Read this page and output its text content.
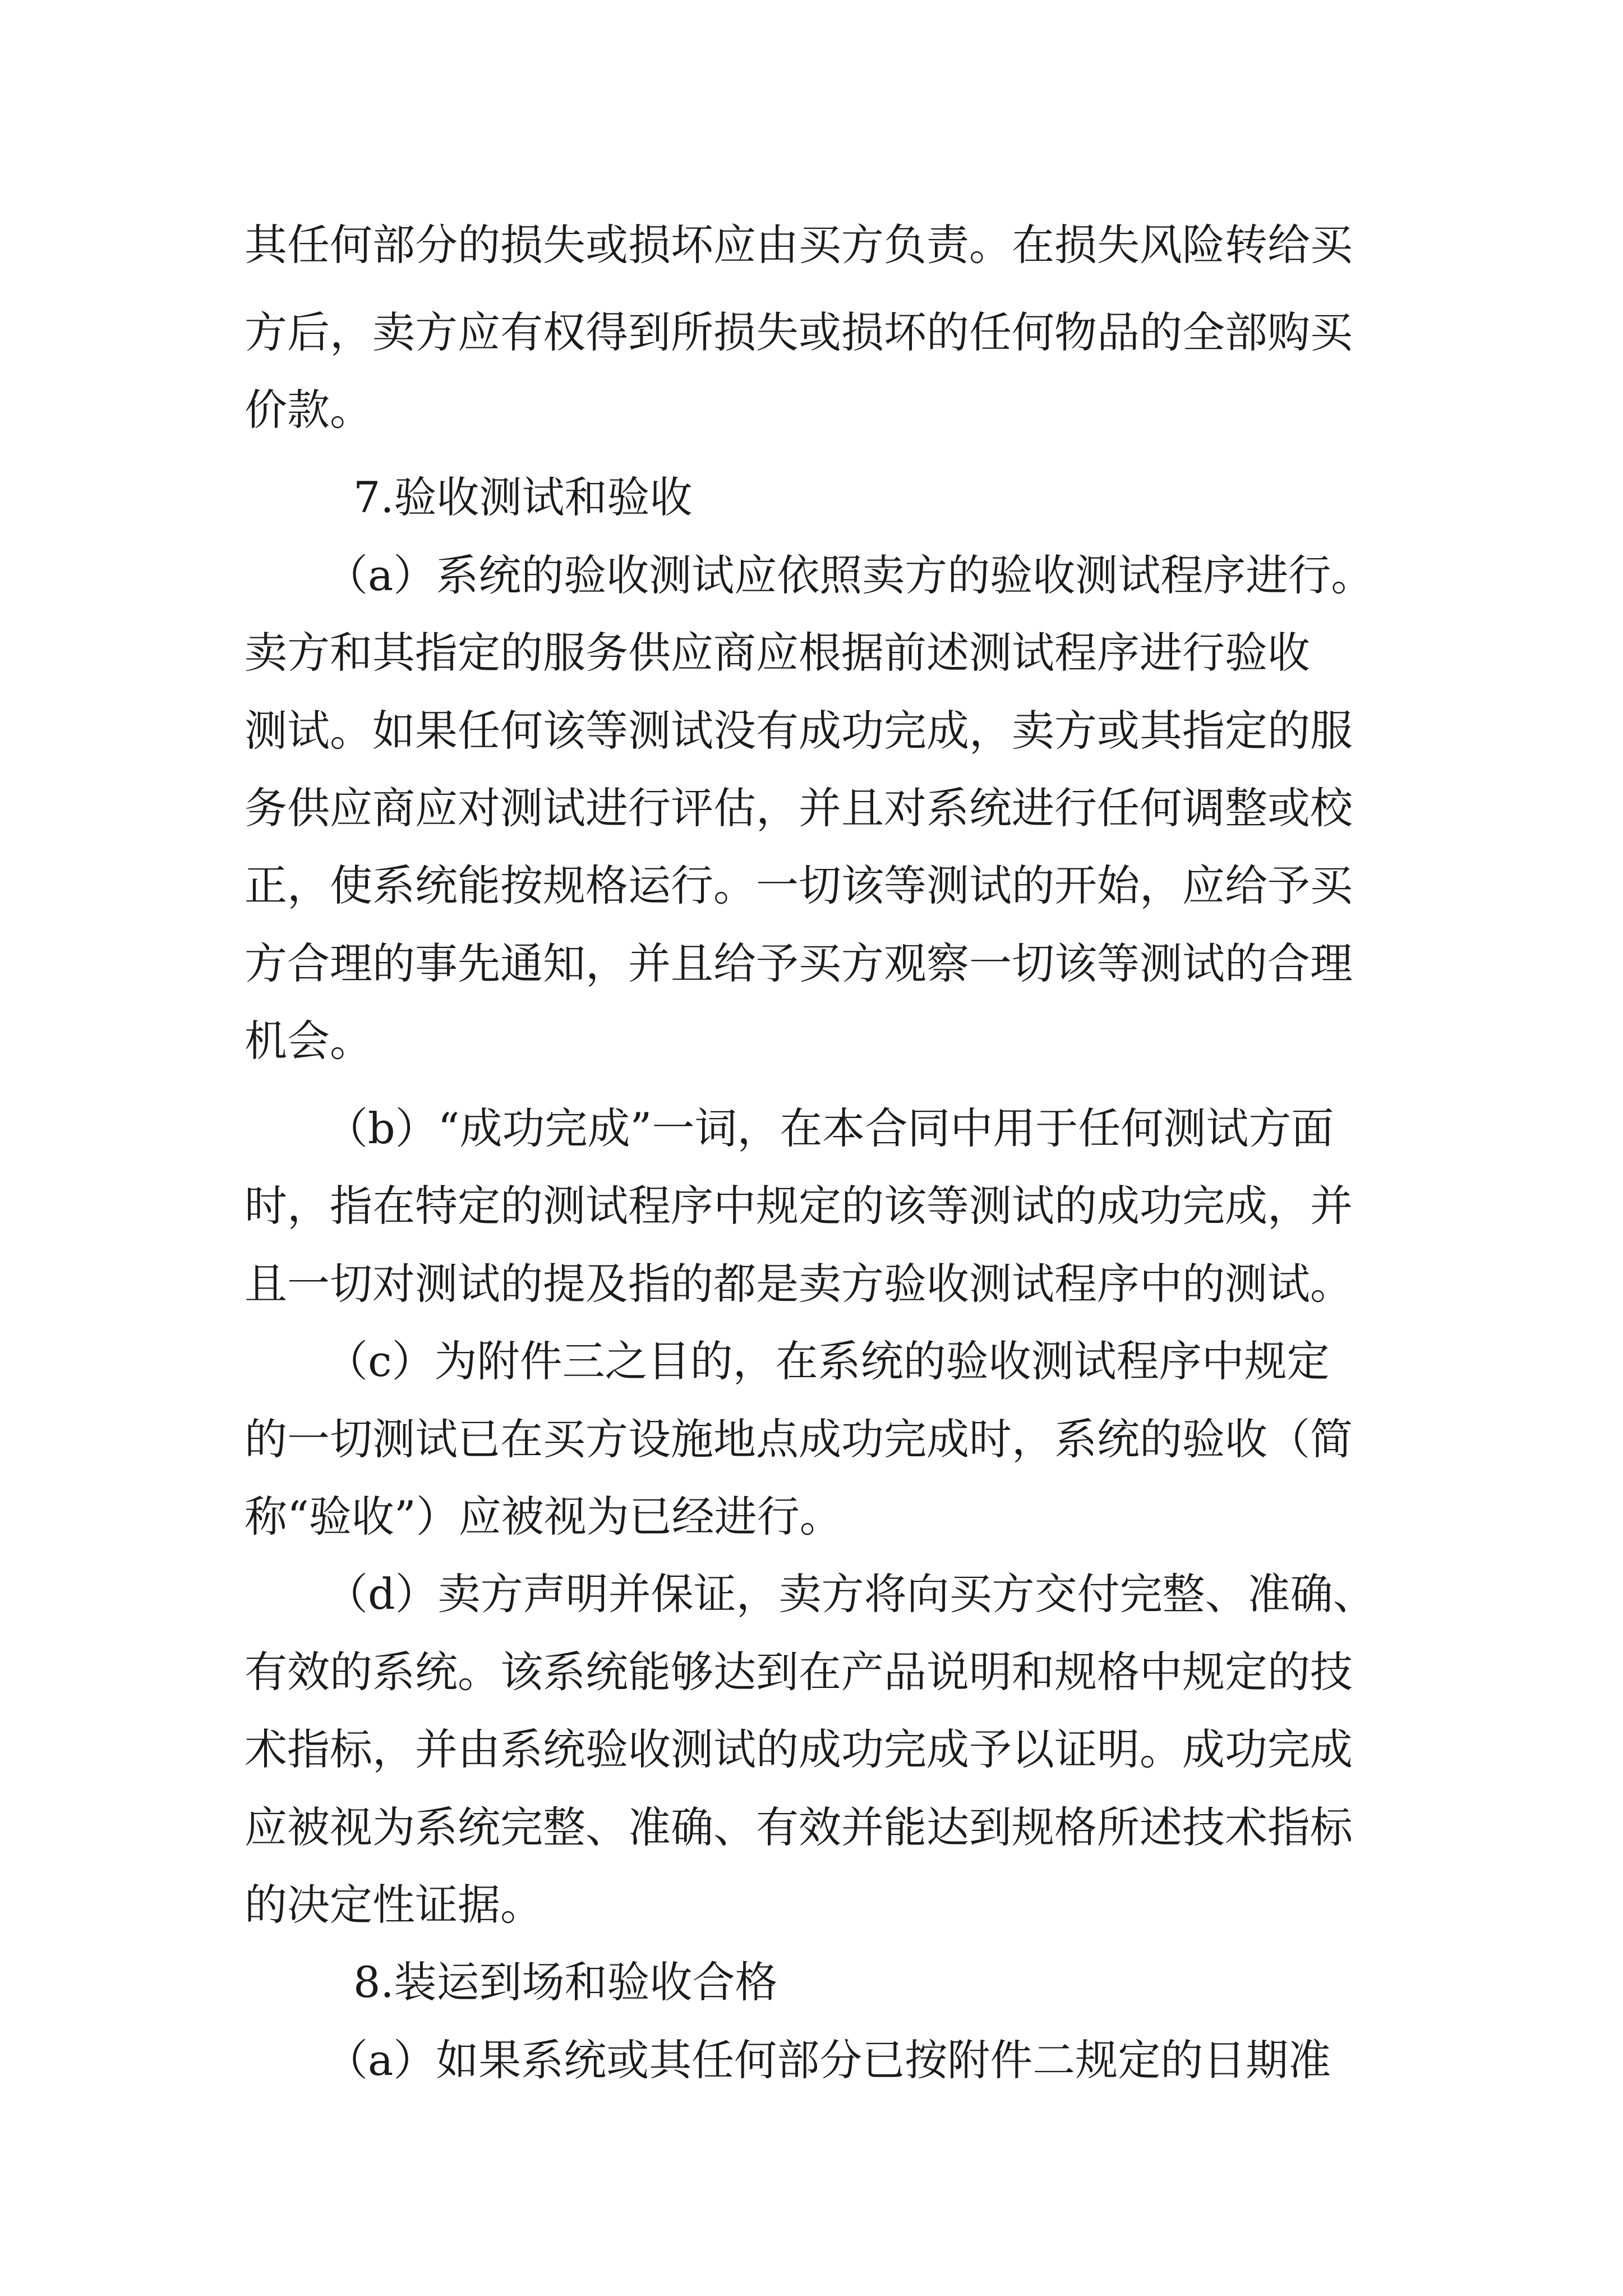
其任何部分的损失或损坏应由买方负责。在损失风险转给买
方后，卖方应有权得到所损失或损坏的任何物品的全部购买
价款。
7.验收测试和验收
（a）系统的验收测试应依照卖方的验收测试程序进行。
卖方和其指定的服务供应商应根据前述测试程序进行验收
测试。如果任何该等测试没有成功完成，卖方或其指定的服
务供应商应对测试进行评估，并且对系统进行任何调整或校
正，使系统能按规格运行。一切该等测试的开始，应给予买
方合理的事先通知，并且给予买方观察一切该等测试的合理
机会。
（b）“成功完成”一词，在本合同中用于任何测试方面
时，指在特定的测试程序中规定的该等测试的成功完成，并
且一切对测试的提及指的都是卖方验收测试程序中的测试。
（c）为附件三之目的，在系统的验收测试程序中规定
的一切测试已在买方设施地点成功完成时，系统的验收（简
称“验收”）应被视为已经进行。
（d）卖方声明并保证，卖方将向买方交付完整、准确、
有效的系统。该系统能够达到在产品说明和规格中规定的技
术指标，并由系统验收测试的成功完成予以证明。成功完成
应被视为系统完整、准确、有效并能达到规格所述技术指标
的决定性证据。
8.装运到场和验收合格
（a）如果系统或其任何部分已按附件二规定的日期准
